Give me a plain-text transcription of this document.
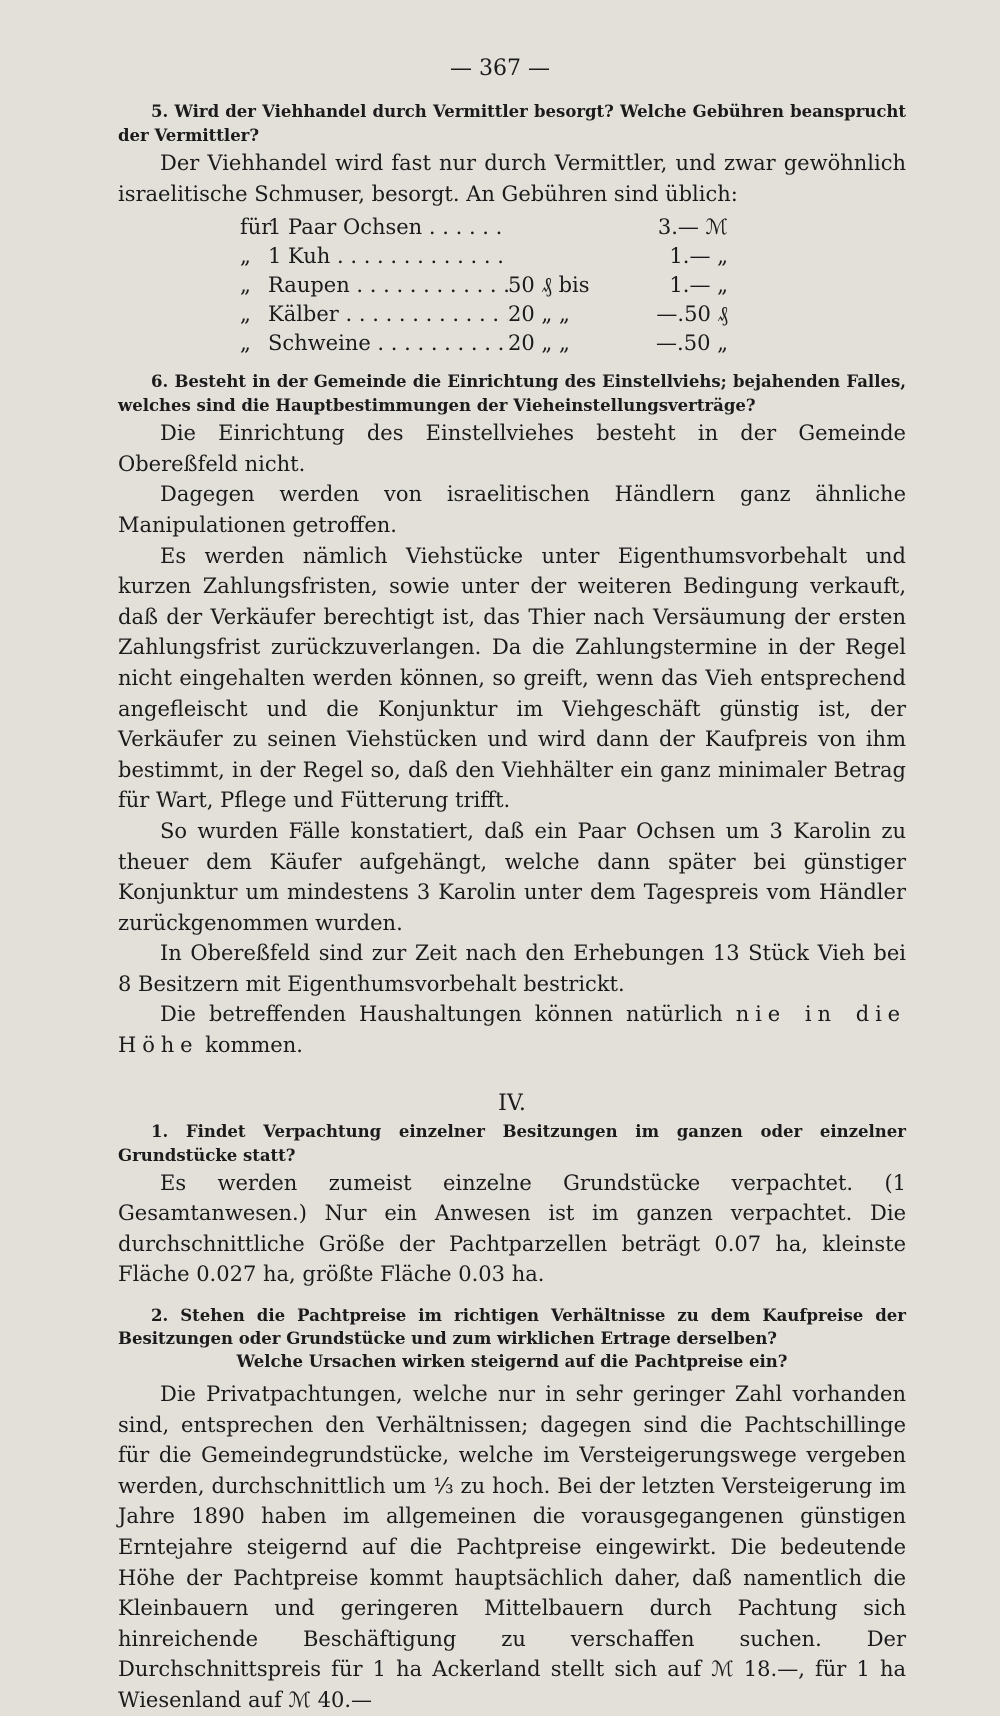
— 367 —

5. Wird der Viehhandel durch Vermittler besorgt? Welche Gebühren beansprucht der Vermittler?

Der Viehhandel wird fast nur durch Vermittler, und zwar gewöhnlich israelitische Schmuser, besorgt. An Gebühren sind üblich:

für
1 Paar Ochsen . . .	3.— ℳ
„ 1 Kuh . . .	1.— „
„ Raupen . . .	50 ₰ bis	1.— „
„ Kälber . . .	20 „ „	—.50 ₰
„ Schweine . . .	20 „ „	—.50 „

6. Besteht in der Gemeinde die Einrichtung des Einstellviehs; bejahenden Falles, welches sind die Hauptbestimmungen der Vieheinstellungsverträge?

Die Einrichtung des Einstellviehes besteht in der Gemeinde Obereßfeld nicht.

Dagegen werden von israelitischen Händlern ganz ähnliche Manipulationen getroffen.

Es werden nämlich Viehstücke unter Eigenthumsvorbehalt und kurzen Zahlungsfristen, sowie unter der weiteren Bedingung verkauft, daß der Verkäufer berechtigt ist, das Thier nach Versäumung der ersten Zahlungsfrist zurückzuverlangen. Da die Zahlungstermine in der Regel nicht eingehalten werden können, so greift, wenn das Vieh entsprechend angefleischt und die Konjunktur im Viehgeschäft günstig ist, der Verkäufer zu seinen Viehstücken und wird dann der Kaufpreis von ihm bestimmt, in der Regel so, daß den Viehhälter ein ganz minimaler Betrag für Wart, Pflege und Fütterung trifft.

So wurden Fälle konstatiert, daß ein Paar Ochsen um 3 Karolin zu theuer dem Käufer aufgehängt, welche dann später bei günstiger Konjunktur um mindestens 3 Karolin unter dem Tagespreis vom Händler zurückgenommen wurden.

In Obereßfeld sind zur Zeit nach den Erhebungen 13 Stück Vieh bei 8 Besitzern mit Eigenthumsvorbehalt bestrickt.

Die betreffenden Haushaltungen können natürlich nie in die Höhe kommen.

IV.

1. Findet Verpachtung einzelner Besitzungen im ganzen oder einzelner Grundstücke statt?

Es werden zumeist einzelne Grundstücke verpachtet. (1 Gesamtanwesen.) Nur ein Anwesen ist im ganzen verpachtet. Die durchschnittliche Größe der Pachtparzellen beträgt 0.07 ha, kleinste Fläche 0.027 ha, größte Fläche 0.03 ha.

2. Stehen die Pachtpreise im richtigen Verhältnisse zu dem Kaufpreise der Besitzungen oder Grundstücke und zum wirklichen Ertrage derselben?
Welche Ursachen wirken steigernd auf die Pachtpreise ein?

Die Privatpachtungen, welche nur in sehr geringer Zahl vorhanden sind, entsprechen den Verhältnissen; dagegen sind die Pachtschillinge für die Gemeindegrundstücke, welche im Versteigerungswege vergeben werden, durchschnittlich um ⅓ zu hoch. Bei der letzten Versteigerung im Jahre 1890 haben im allgemeinen die vorausgegangenen günstigen Erntejahre steigernd auf die Pachtpreise eingewirkt. Die bedeutende Höhe der Pachtpreise kommt hauptsächlich daher, daß namentlich die Kleinbauern und geringeren Mittelbauern durch Pachtung sich hinreichende Beschäftigung zu verschaffen suchen. Der Durchschnittspreis für 1 ha Ackerland stellt sich auf ℳ 18.—, für 1 ha Wiesenland auf ℳ 40.—
